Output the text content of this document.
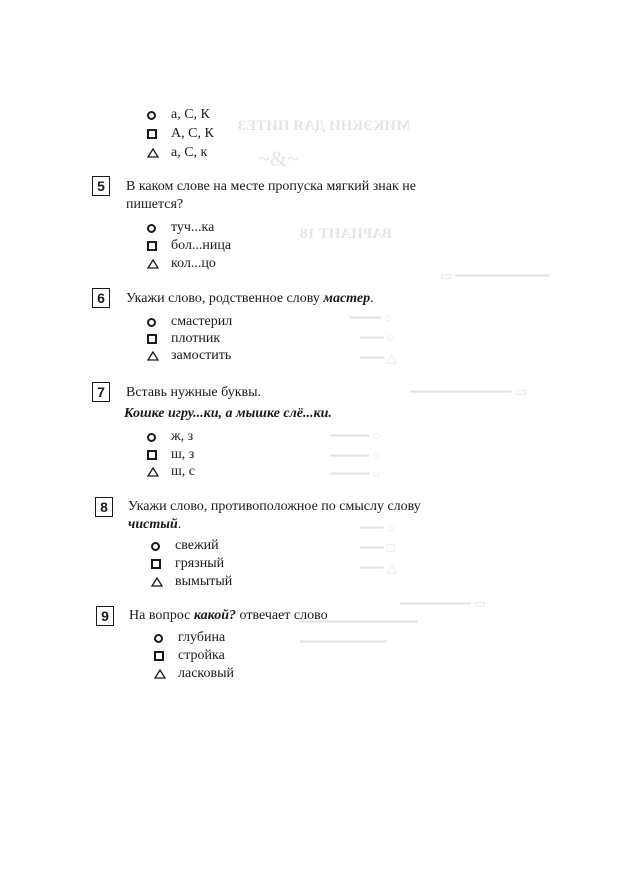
МИКЭКНИ ДАЯ ПИТЕЗ
~&~
ВАРИАНТ 18
▭ ━━━━━━━━━━━━
━━━━ ○
━━━ ○
━━━ △
━━━━━━━━━━━━━ ▭
━━━━━ ○
━━━━━ ○
━━━━━ ○
━━━ ○
━━━ □
━━━ △
━━━━━━━━━ ▭
━━━━━━━━━━━━━━━
━━━━━━━━━━━
а, С, К
А, С, К
а, С, к
5	В каком слове на месте пропуска мягкий знак не
пишется?
туч...ка
бол...ница
кол...цо
6	Укажи слово, родственное слову мастер.
смастерил
плотник
замостить
7	Вставь нужные буквы.
Кошке игру...ки, а мышке слё...ки.
ж, з
ш, з
ш, с
8	Укажи слово, противоположное по смыслу слову
чистый.
свежий
грязный
вымытый
9	На вопрос какой? отвечает слово
глубина
стройка
ласковый
